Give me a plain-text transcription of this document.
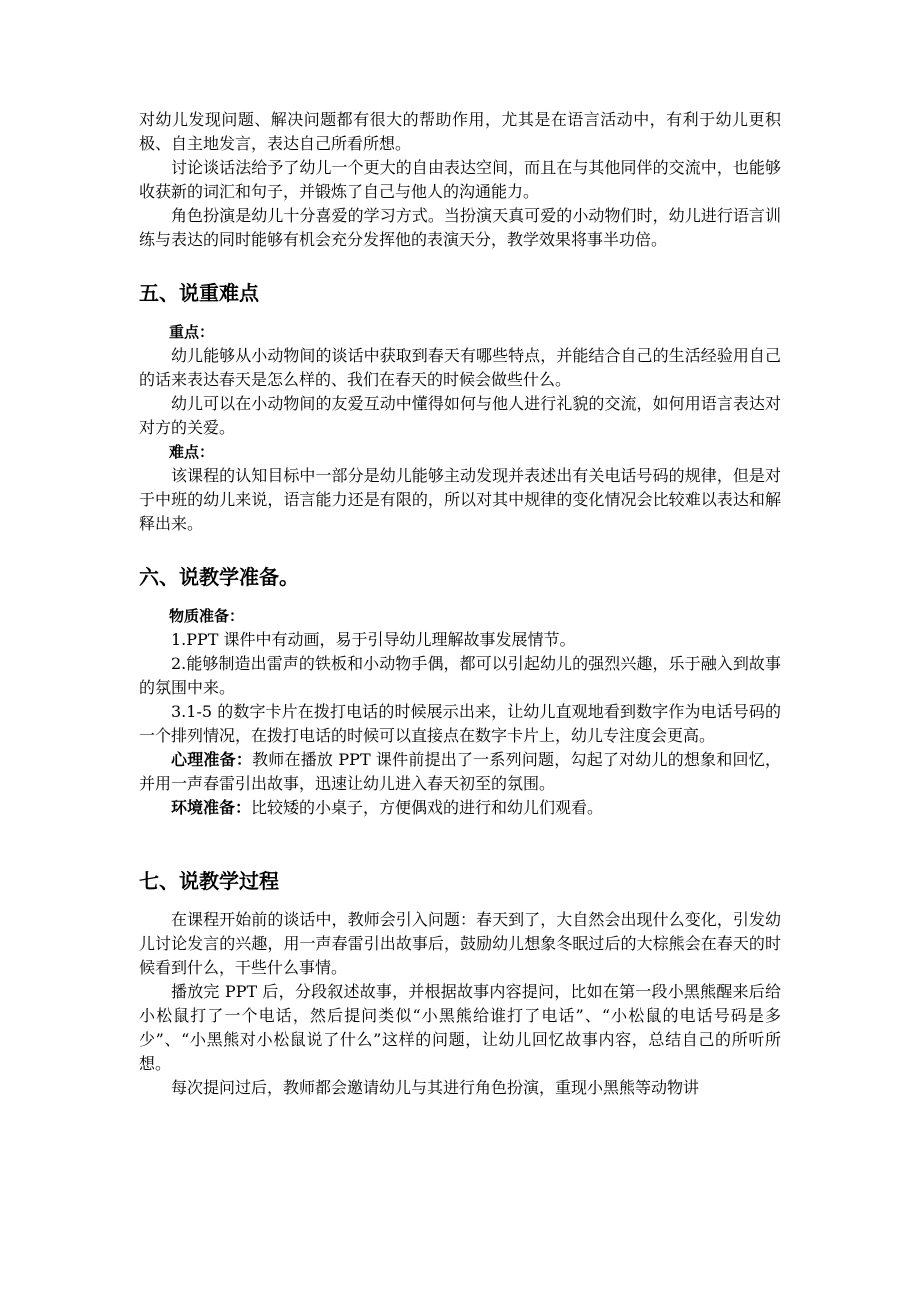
对幼儿发现问题、解决问题都有很大的帮助作用，尤其是在语言活动中，有利于幼儿更积极、自主地发言，表达自己所看所想。

讨论谈话法给予了幼儿一个更大的自由表达空间，而且在与其他同伴的交流中，也能够收获新的词汇和句子，并锻炼了自己与他人的沟通能力。

角色扮演是幼儿十分喜爱的学习方式。当扮演天真可爱的小动物们时，幼儿进行语言训练与表达的同时能够有机会充分发挥他的表演天分，教学效果将事半功倍。

五、说重难点

重点：

幼儿能够从小动物间的谈话中获取到春天有哪些特点，并能结合自己的生活经验用自己的话来表达春天是怎么样的、我们在春天的时候会做些什么。

幼儿可以在小动物间的友爱互动中懂得如何与他人进行礼貌的交流，如何用语言表达对对方的关爱。

难点：

该课程的认知目标中一部分是幼儿能够主动发现并表述出有关电话号码的规律，但是对于中班的幼儿来说，语言能力还是有限的，所以对其中规律的变化情况会比较难以表达和解释出来。

六、说教学准备。

物质准备：

1.PPT 课件中有动画，易于引导幼儿理解故事发展情节。

2.能够制造出雷声的铁板和小动物手偶，都可以引起幼儿的强烈兴趣，乐于融入到故事的氛围中来。

3.1-5 的数字卡片在拨打电话的时候展示出来，让幼儿直观地看到数字作为电话号码的一个排列情况，在拨打电话的时候可以直接点在数字卡片上，幼儿专注度会更高。

心理准备：教师在播放 PPT 课件前提出了一系列问题，勾起了对幼儿的想象和回忆，并用一声春雷引出故事，迅速让幼儿进入春天初至的氛围。

环境准备：比较矮的小桌子，方便偶戏的进行和幼儿们观看。

七、说教学过程

在课程开始前的谈话中，教师会引入问题：春天到了，大自然会出现什么变化，引发幼儿讨论发言的兴趣，用一声春雷引出故事后，鼓励幼儿想象冬眠过后的大棕熊会在春天的时候看到什么，干些什么事情。

播放完 PPT 后，分段叙述故事，并根据故事内容提问，比如在第一段小黑熊醒来后给小松鼠打了一个电话，然后提问类似“小黑熊给谁打了电话”、“小松鼠的电话号码是多少”、“小黑熊对小松鼠说了什么”这样的问题，让幼儿回忆故事内容，总结自己的所听所想。

每次提问过后，教师都会邀请幼儿与其进行角色扮演，重现小黑熊等动物讲
